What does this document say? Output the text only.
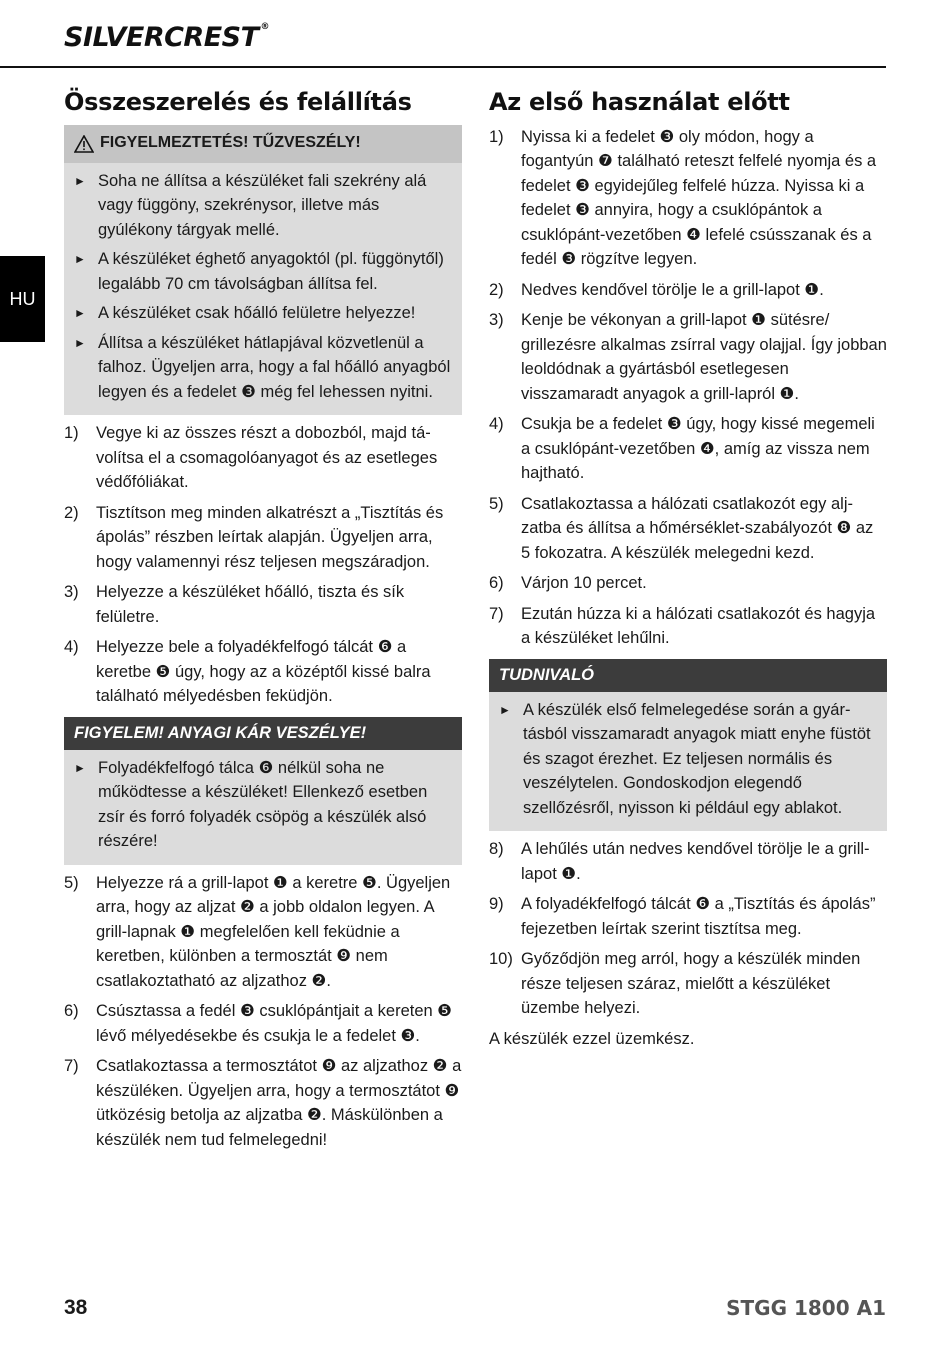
SILVERCREST ®
HU
Összeszerelés és felállítás
FIGYELMEZTETÉS! TŰZVESZÉLY!
► Soha ne állítsa a készüléket fali szekrény alá vagy függöny, szekrénysor, illetve más gyúlékony tárgyak mellé.
► A készüléket éghető anyagoktól (pl. függönytől) legalább 70 cm távolságban állítsa fel.
► A készüléket csak hőálló felületre helyezze!
► Állítsa a készüléket hátlapjával közvetlenül a falhoz. Ügyeljen arra, hogy a fal hőálló anyagból legyen és a fedelet ❸ még fel lehessen nyitni.
1)	Vegye ki az összes részt a dobozból, majd távolítsa el a csomagolóanyagot és az esetleges védőfóliákat.
2)	Tisztítson meg minden alkatrészt a „Tisztítás és ápolás” részben leírtak alapján. Ügyeljen arra, hogy valamennyi rész teljesen megszáradjon.
3)	Helyezze a készüléket hőálló, tiszta és sík felületre.
4)	Helyezze bele a folyadékfelfogó tálcát ❻ a keretbe ❺ úgy, hogy az a középtől kissé balra található mélyedésben feküdjön.
FIGYELEM! ANYAGI KÁR VESZÉLYE!
► Folyadékfelfogó tálca ❻ nélkül soha ne működtesse a készüléket! Ellenkező esetben zsír és forró folyadék csöpög a készülék alsó részére!
5)	Helyezze rá a grill-lapot ❶ a keretre ❺. Ügyeljen arra, hogy az aljzat ❷ a jobb oldalon legyen. A grill-lapnak ❶ megfelelően kell feküdnie a keretben, különben a termosztát ❾ nem csatlakoztatható az aljzathoz ❷.
6)	Csúsztassa a fedél ❸ csuklópántjait a kereten ❺ lévő mélyedésekbe és csukja le a fedelet ❸.
7)	Csatlakoztassa a termosztátot ❾ az aljzathoz ❷ a készüléken. Ügyeljen arra, hogy a termosztátot ❾ ütközésig betolja az aljzatba ❷. Máskülönben a készülék nem tud felmelegedni!
Az első használat előtt
1)	Nyissa ki a fedelet ❸ oly módon, hogy a fogantyún ❼ található reteszt felfelé nyomja és a fedelet ❸ egyidejűleg felfelé húzza. Nyissa ki a fedelet ❸ annyira, hogy a csuklópántok a csuklópánt-vezetőben ❹ lefelé csússzanak és a fedél ❸ rögzítve legyen.
2)	Nedves kendővel törölje le a grill-lapot ❶.
3)	Kenje be vékonyan a grill-lapot ❶ sütésre/ grillezésre alkalmas zsírral vagy olajjal. Így jobban leoldódnak a gyártásból esetlegesen visszamaradt anyagok a grill-lapról ❶.
4)	Csukja be a fedelet ❸ úgy, hogy kissé megemeli a csuklópánt-vezetőben ❹, amíg az vissza nem hajtható.
5)	Csatlakoztassa a hálózati csatlakozót egy aljzatba és állítsa a hőmérséklet-szabályozót ❽ az 5 fokozatra. A készülék melegedni kezd.
6)	Várjon 10 percet.
7)	Ezután húzza ki a hálózati csatlakozót és hagyja a készüléket lehűlni.
TUDNIVALÓ
► A készülék első felmelegedése során a gyártásból visszamaradt anyagok miatt enyhe füstöt és szagot érezhet. Ez teljesen normális és veszélytelen. Gondoskodjon elegendő szellőzésről, nyisson ki például egy ablakot.
8)	A lehűlés után nedves kendővel törölje le a grill-lapot ❶.
9)	A folyadékfelfogó tálcát ❻ a „Tisztítás és ápolás” fejezetben leírtak szerint tisztítsa meg.
10) Győződjön meg arról, hogy a készülék minden része teljesen száraz, mielőtt a készüléket üzembe helyezi.

A készülék ezzel üzemkész.

38	STGG 1800 A1
